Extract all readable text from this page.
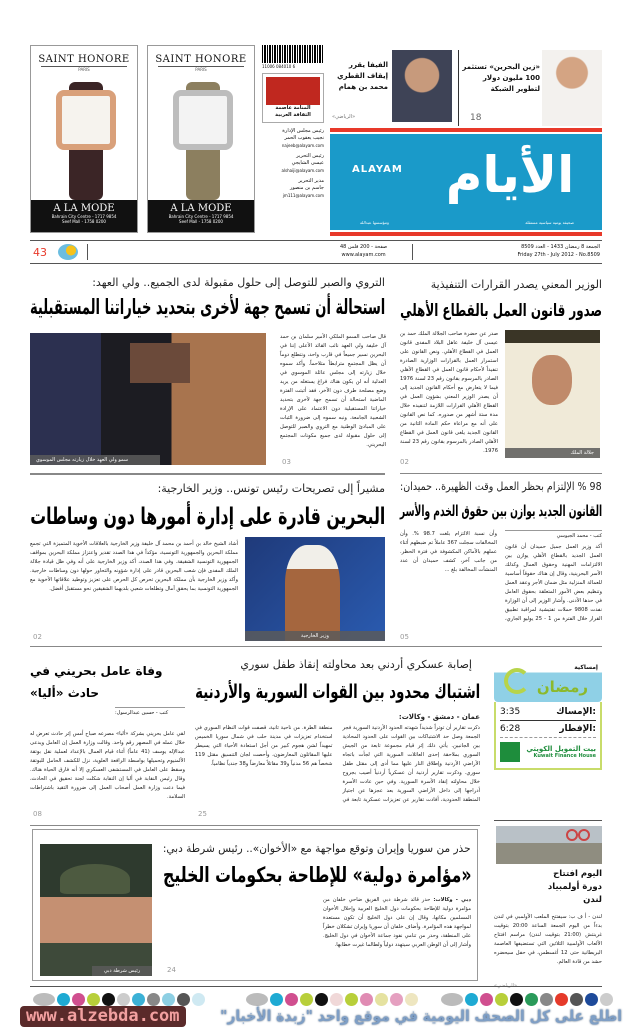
SAINT HONORE
PARIS
A LA MODE
Bahrain City Centre - 1717 9854
Seef Mall - 1758 0200
SAINT HONORE
PARIS
A LA MODE
Bahrain City Centre - 1717 9854
Seef Mall - 1758 0200
6 084010 11006
المنامة عاصمة الثقافة العربية
رئيس مجلس الإدارة
نجيب يعقوب الحمر
najeeb@alayam.com
رئيس التحرير
عيسى الشايجي
alshaiji@alayam.com
مدير التحرير
جاسم بن منصور
jm111@alayam.com
الفيفا يقرر إيقاف القطري محمد بن همام
«الرياضي»
«زين البحرين» تستثمر 100 مليون دولار لتطوير الشبكة
18
ALAYAM الأيام
صحيفة يومية سياسية مستقلة
ومؤسسها عبدالله
43	48 صفحة - 200 فلس
www.alayam.com
الجمعة 8 رمضان 1433 - العدد 8509
Friday 27th - July 2012 - No.8509
الوزير المعني يصدر القرارات التنفيذية
صدور قانون العمل بالقطاع الأهلي
جلالة الملك
صدر عن حضرة صاحب الجلالة الملك حمد بن عيسى آل خليفة عاهل البلاد المفدى قانون العمل في القطاع الأهلي. ونص القانون على استمرار العمل بالقرارات الوزارية الصادرة تنفيذاً لأحكام قانون العمل في القطاع الأهلي الصادر بالمرسوم بقانون رقم 23 لسنة 1976 فيما لا يتعارض مع أحكام القانون الجديد إلى أن يصدر الوزير المعني بشؤون العمل في القطاع الأهلي القرارات اللازمة لتنفيذه خلال مدة ستة أشهر من صدوره. كما نص القانون على أنه مع مراعاة حكم المادة الثانية من القانون الجديد يلغى قانون العمل في القطاع الأهلي الصادر بالمرسوم بقانون رقم 23 لسنة 1976.
02
التروي والصبر للتوصل إلى حلول مقبولة لدى الجميع.. ولي العهد:
استحالة أن تسمح جهة لأخرى بتحديد خياراتنا المستقبلية
سمو ولي العهد خلال زيارته مجلس الموسوي
قال صاحب السمو الملكي الأمير سلمان بن حمد آل خليفة ولي العهد نائب القائد الأعلى إننا في البحرين نسير جميعاً في قارب واحد، ونتطلع دوماً أن يظل المجتمع مترابطاً متلاحماً. وأكد سموه خلال زيارته إلى مجلس عائلة الموسوي في العدلية أنه لن يكون هناك فراغ يستغله من يريد وضع مصلحة طرف دون الآخر، فقد أثبتت الفترة الماضية استحالة أن تسمح جهة لأخرى بتحديد خياراتنا المستقبلية دون الاعتماد على الإرادة الشعبية الجامعة. ونبه سموه إلى ضرورة الثبات على المبادئ الوطنية مع التروي والصبر للتوصل إلى حلول مقبولة لدى جميع مكونات المجتمع البحريني.
03
98 % الإلتزام بحظر العمل وقت الظهيرة.. حميدان:
القانون الجديد يوازن بين حقوق الخدم والأسر
كتب - محمد الجيوسي
أكد وزير العمل جميل حميدان أن قانون العمل الجديد بالقطاع الأهلي يوازن بين الالتزامات المهنية وحقوق العمال وكذلك الأسر البحرينية، وقال إن هناك حقوقاً أساسية للعمالة المنزلية مثل ضمان الأجر وعقد العمل وتنظيم بعض الأمور المتعلقة بحقوق العامل في حدها الأدنى. وأشار الوزير إلى أن الوزارة نفذت 9808 حملات تفتيشية لمراقبة تطبيق القرار خلال الفترة من 1 - 25 يوليو الجاري، وأن نسبة الالتزام بلغت 98.7 %. وأن المخالفات سجلت 367 عاملاً تم ضبطهم أثناء عملهم بالأماكن المكشوفة في فترة الحظر. من جانب آخر، كشف حميدان أن عدد المنشآت المخالفة بلغ ...
05
مشيراً إلى تصريحات رئيس تونس.. وزير الخارجية:
البحرين قادرة على إدارة أمورها دون وساطات
وزير الخارجية
أشاد الشيخ خالد بن أحمد بن محمد آل خليفة وزير الخارجية بالعلاقات الأخوية المتميزة التي تجمع مملكة البحرين والجمهورية التونسية، مؤكداً في هذا الصدد تقدير واعتزاز مملكة البحرين بمواقف الجمهورية التونسية الشقيقة. وفي هذا الصدد، أكد وزير الخارجية على أنه وفي ظل قيادة جلالة الملك المفدى فإن شعب البحرين قادر على إدارة شؤونه والتحاور حولها دون وساطات خارجية. وأكد وزير الخارجية بأن مملكة البحرين تحرص كل الحرص على تعزيز وتوطيد علاقاتها الأخوية مع الجمهورية التونسية بما يحقق آمال وتطلعات شعبي بلديهما الشقيقين نحو مستقبل أفضل.
02
إمساكية
رمضان
3:35	الإمساك:
6:28	الإفطار:
بيت التمويل الكويتي
Kuwait Finance House
اليوم افتتاح دورة أولمبياد لندن
لندن - أ ف ب: سيفتتح الملعب الأولمبي في لندن بدءاً من اليوم الجمعة الساعة 20:00 بتوقيت غرينتش (21:00 بتوقيت لندن) مراسم افتتاح الألعاب الأولمبية الثلاثين التي تستضيفها العاصمة البريطانية حتى 12 أغسطس، في حفل سيحضره حشد من قادة العالم.
إصابة عسكري أردني بعد محاولته إنقاذ طفل سوري
اشتباك محدود بين القوات السورية والأردنية
عمان - دمشق - وكالات:
ذكرت تقارير أن توتراً شديداً شهدته الحدود الأردنية السورية فجر الجمعة وصل حد الاشتباكات بين القوات على الحدود المحاذية بين الجانبين. يأتي ذلك إثر قيام مجموعة تابعة من الجيش السوري بملاحقة إحدى العائلات السورية التي لجأت باتجاه الأراضي الأردنية وإطلاق النار عليها مما أدى إلى مقتل طفل سوري. وذكرت تقارير أردنية أن عسكرياً أردنياً أصيب بجروح خلال محاولته إنقاذ الأسرة السورية. وفي حين عادت الأسرة أدراجها إلى داخل الأراضي السورية بعد عجزها عن اجتياز المنطقة الحدودية، أفادت تقارير عن تعزيزات عسكرية تابعة في منطقة الطرة. من ناحية ثانية، قصفت قوات النظام السوري في استخدام تعزيزات في مدينة حلب في شمال سوريا الخميس تمهيداً لشن هجوم كبير من أجل استعادة الأحياء التي يسيطر عليها المقاتلون المعارضون، وأحصت لجان التنسيق مقتل 119 شخصاً هم 56 مدنياً و39 مقاتلاً معارضاً و38 جندياً نظامياً.
25
وفاة عامل بحريني في حادث «أليا»
كتب - حسين عبدالرسول:
لقي عامل بحريني بشركة «ألبا» مصرعه صباح أمس إثر حادث تعرض له خلال عمله في المصهر رقم واحد. وقالت وزارة العمل إن العامل ويدعى عبدالإله يوسف (41 عاماً) أثناء قيام العمال بالإعداد لعملية نقل بوتقة الألمنيوم وتحميلها بواسطة الرافعة العلوية، نزل للكشف الحامل للبوتقة وسقط على العامل في المستشفى العسكري إلا أنه فارق الحياة هناك. وقال رئيس النقابة في ألبا إن النقابة شكلت لجنة تحقيق في الحادث، فيما دعت وزارة العمل أصحاب العمل إلى ضرورة التقيد باشتراطات السلامة.
08
رئيس شرطة دبي
حذر من سوريا وإيران وتوقع مواجهة مع «الأخوان».. رئيس شرطة دبي:
«مؤامرة دولية» للإطاحة بحكومات الخليج
دبي - وكالات: حذر قائد شرطة دبي الفريق ضاحي خلفان من مؤامرة دولية للإطاحة بحكومات دول الخليج العربية وإحلال الأخوان المسلمين مكانها، وقال إن على دول الخليج أن تكون مستعدة لمواجهة هذه المؤامرة. وأضاف خلفان أن سوريا وإيران تشكلان خطراً على المنطقة، وحذر من تنامي نفوذ جماعة الأخوان في دول الخليج. وأشار إلى أن الوطن العربي سيتهدد دولياً ولطالما غيرت خطابها.
24
www.alzebda.com	اطلع على كل الصحف اليومية في موقع واحد "زبدة الأخبار"
